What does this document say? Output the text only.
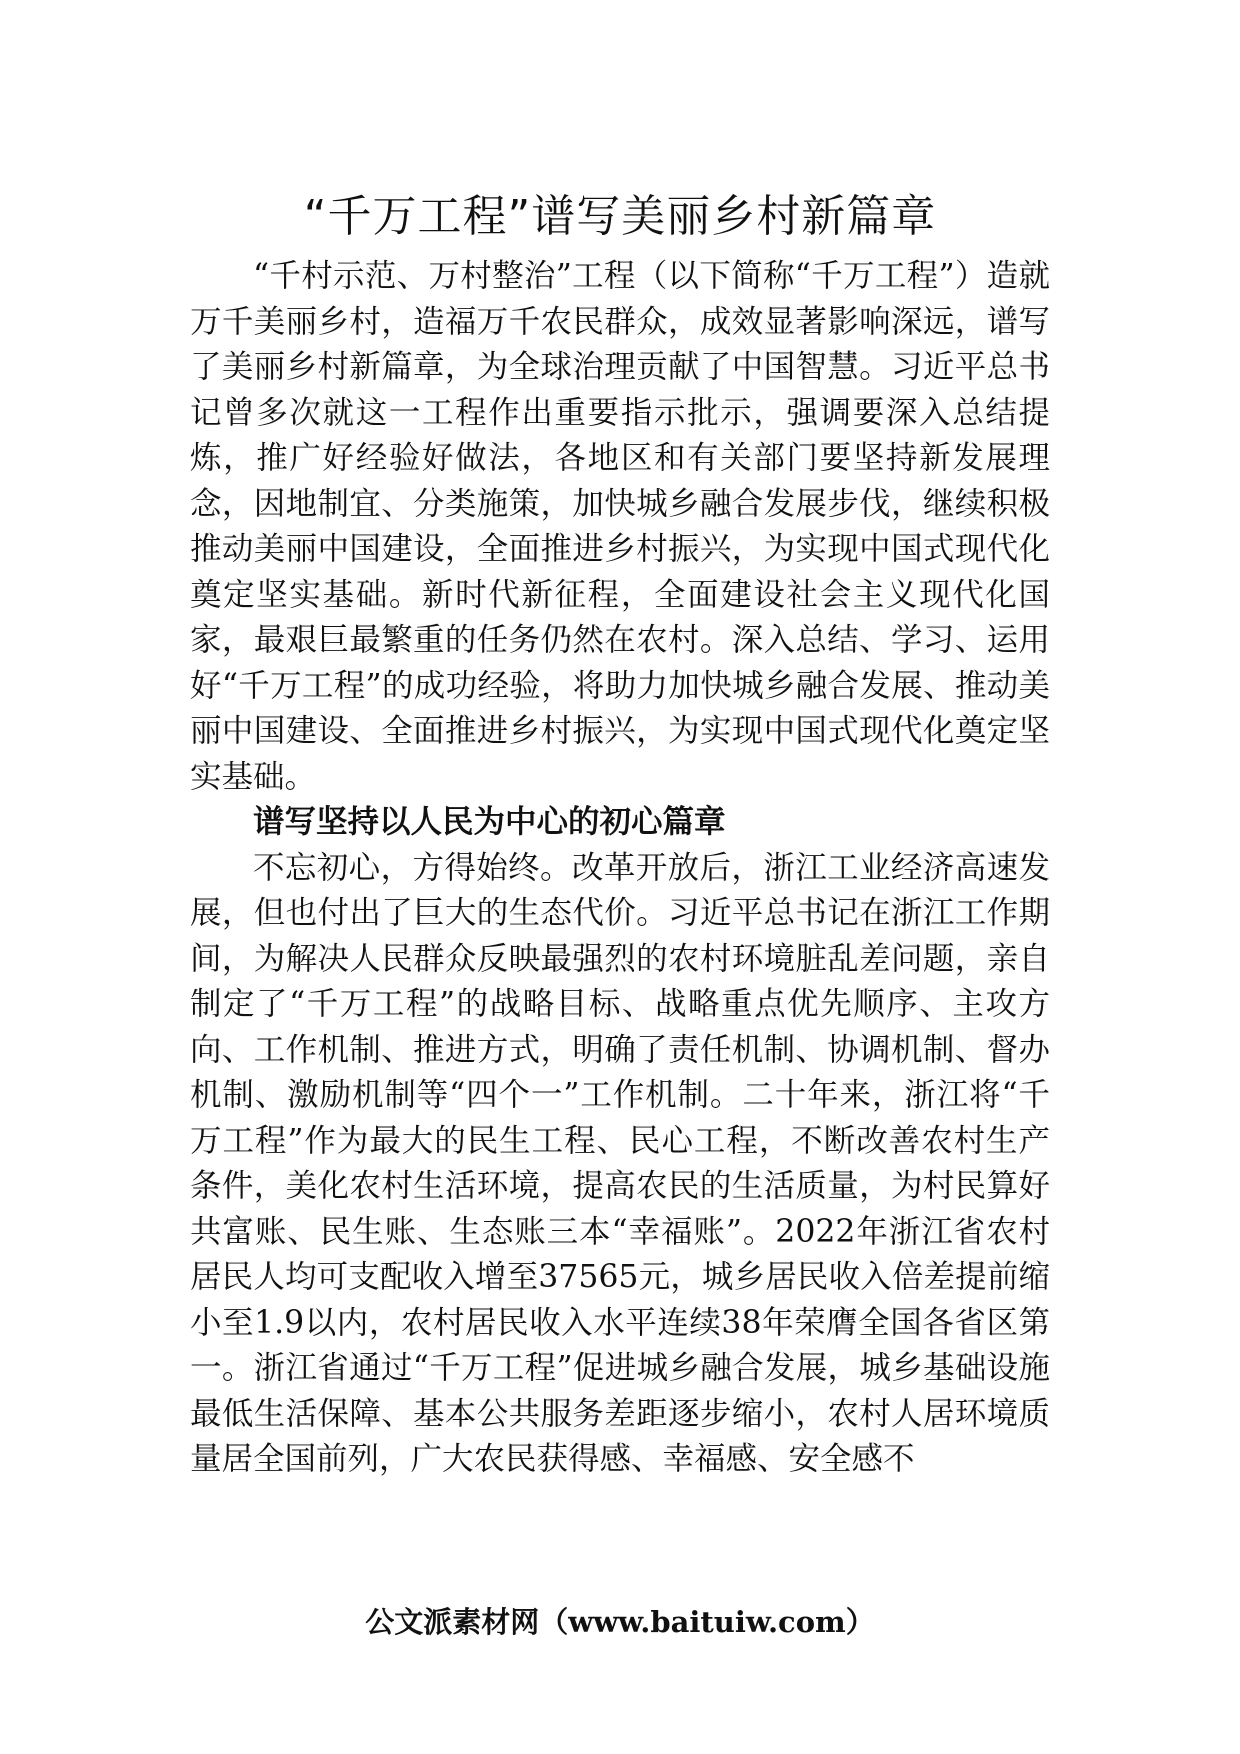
“千万工程”谱写美丽乡村新篇章

“千村示范、万村整治”工程（以下简称“千万工程”）造就万千美丽乡村，造福万千农民群众，成效显著影响深远，谱写了美丽乡村新篇章，为全球治理贡献了中国智慧。习近平总书记曾多次就这一工程作出重要指示批示，强调要深入总结提炼，推广好经验好做法，各地区和有关部门要坚持新发展理念，因地制宜、分类施策，加快城乡融合发展步伐，继续积极推动美丽中国建设，全面推进乡村振兴，为实现中国式现代化奠定坚实基础。新时代新征程，全面建设社会主义现代化国家，最艰巨最繁重的任务仍然在农村。深入总结、学习、运用好“千万工程”的成功经验，将助力加快城乡融合发展、推动美丽中国建设、全面推进乡村振兴，为实现中国式现代化奠定坚实基础。

谱写坚持以人民为中心的初心篇章

不忘初心，方得始终。改革开放后，浙江工业经济高速发展，但也付出了巨大的生态代价。习近平总书记在浙江工作期间，为解决人民群众反映最强烈的农村环境脏乱差问题，亲自制定了“千万工程”的战略目标、战略重点优先顺序、主攻方向、工作机制、推进方式，明确了责任机制、协调机制、督办机制、激励机制等“四个一”工作机制。二十年来，浙江将“千万工程”作为最大的民生工程、民心工程，不断改善农村生产条件，美化农村生活环境，提高农民的生活质量，为村民算好共富账、民生账、生态账三本“幸福账”。2022年浙江省农村居民人均可支配收入增至37565元，城乡居民收入倍差提前缩小至1.9以内，农村居民收入水平连续38年荣膺全国各省区第一。浙江省通过“千万工程”促进城乡融合发展，城乡基础设施最低生活保障、基本公共服务差距逐步缩小，农村人居环境质量居全国前列，广大农民获得感、幸福感、安全感不

公文派素材网（www.baituiw.com）
